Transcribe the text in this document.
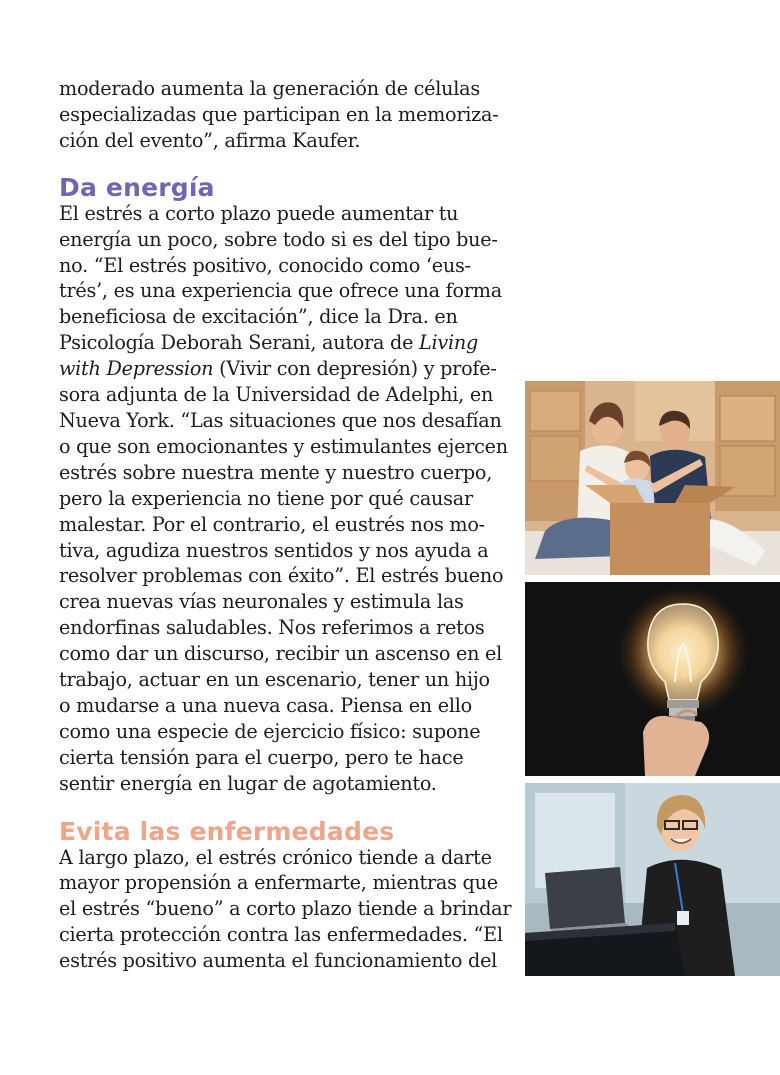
moderado aumenta la generación de células
especializadas que participan en la memoriza-
ción del evento”, afirma Kaufer.

Da energía

El estrés a corto plazo puede aumentar tu
energía un poco, sobre todo si es del tipo bue-
no. “El estrés positivo, conocido como ‘eus-
trés’, es una experiencia que ofrece una forma
beneficiosa de excitación”, dice la Dra. en
Psicología Deborah Serani, autora de Living
with Depression (Vivir con depresión) y profe-
sora adjunta de la Universidad de Adelphi, en
Nueva York. “Las situaciones que nos desafían
o que son emocionantes y estimulantes ejercen
estrés sobre nuestra mente y nuestro cuerpo,
pero la experiencia no tiene por qué causar
malestar. Por el contrario, el eustrés nos mo-
tiva, agudiza nuestros sentidos y nos ayuda a
resolver problemas con éxito”. El estrés bueno
crea nuevas vías neuronales y estimula las
endorfinas saludables. Nos referimos a retos
como dar un discurso, recibir un ascenso en el
trabajo, actuar en un escenario, tener un hijo
o mudarse a una nueva casa. Piensa en ello
como una especie de ejercicio físico: supone
cierta tensión para el cuerpo, pero te hace
sentir energía en lugar de agotamiento.

Evita las enfermedades

A largo plazo, el estrés crónico tiende a darte
mayor propensión a enfermarte, mientras que
el estrés “bueno” a corto plazo tiende a brindar
cierta protección contra las enfermedades. “El
estrés positivo aumenta el funcionamiento del
